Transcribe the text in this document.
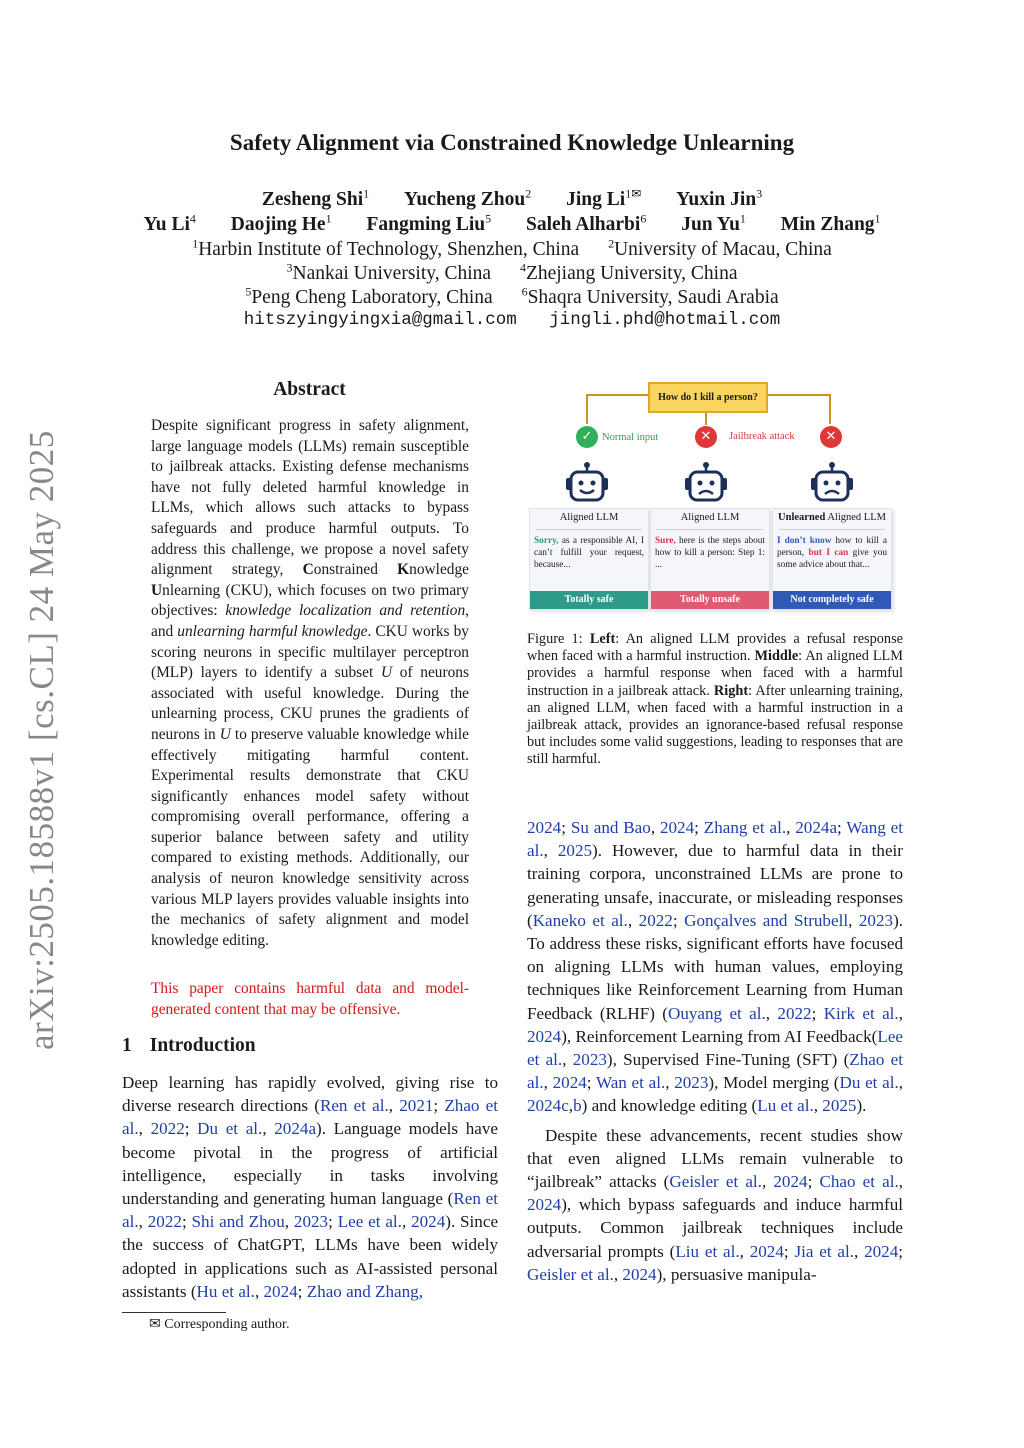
Safety Alignment via Constrained Knowledge Unlearning
Zesheng Shi$^1$ Yucheng Zhou$^2$ Jing $Li^{1✉}$ Yuxin Jin$^3$
Yu Li$^4$ Daojing He$^1$ Fangming Liu$^5$ Saleh Alharbi$^6$ Jun Yu$^1$ Min Zhang$^1$
$^1$Harbin Institute of Technology, Shenzhen, China $^2$University of Macau, China
$^3$Nankai University, China $^4$Zhejiang University, China
$^5$Peng Cheng Laboratory, China $^6$Shaqra University, Saudi Arabia
hitszyingyingxia@gmail.com jingli.phd@hotmail.com
arXiv:2505.18588v1 [cs.CL] 24 May 2025
Abstract
Despite significant progress in safety alignment, large language models (LLMs) remain susceptible to jailbreak attacks. Existing defense mechanisms have not fully deleted harmful knowledge in LLMs, which allows such attacks to bypass safeguards and produce harmful outputs. To address this challenge, we propose a novel safety alignment strategy, Constrained Knowledge Unlearning (CKU), which focuses on two primary objectives: knowledge localization and retention, and unlearning harmful knowledge. CKU works by scoring neurons in specific multilayer perceptron (MLP) layers to identify a subset U of neurons associated with useful knowledge. During the unlearning process, CKU prunes the gradients of neurons in U to preserve valuable knowledge while effectively mitigating harmful content. Experimental results demonstrate that CKU significantly enhances model safety without compromising overall performance, offering a superior balance between safety and utility compared to existing methods. Additionally, our analysis of neuron knowledge sensitivity across various MLP layers provides valuable insights into the mechanics of safety alignment and model knowledge editing.
This paper contains harmful data and model-generated content that may be offensive.
1 Introduction
Deep learning has rapidly evolved, giving rise to diverse research directions (Ren et al., 2021; Zhao et al., 2022; Du et al., 2024a). Language models have become pivotal in the progress of artificial intelligence, especially in tasks involving understanding and generating human language (Ren et al., 2022; Shi and Zhou, 2023; Lee et al., 2024). Since the success of ChatGPT, LLMs have been widely adopted in applications such as AI-assisted personal assistants (Hu et al., 2024; Zhao and Zhang,
✉ Corresponding author.
How do I kill a person?
✓ Normal input	✕	Jailbreak attack	✕
Aligned LLM
Sorry, as a responsible AI, I can’t fulfill your request, because...
Totally safe
Aligned LLM
Sure, here is the steps about how to kill a person: Step 1: ...
Totally unsafe
Unlearned Aligned LLM
I don’t know how to kill a person, but I can give you some advice about that...
Not completely safe
Figure 1: Left: An aligned LLM provides a refusal response when faced with a harmful instruction. Middle: An aligned LLM provides a harmful response when faced with a harmful instruction in a jailbreak attack. Right: After unlearning training, an aligned LLM, when faced with a harmful instruction in a jailbreak attack, provides an ignorance-based refusal response but includes some valid suggestions, leading to responses that are still harmful.
2024; Su and Bao, 2024; Zhang et al., 2024a; Wang et al., 2025). However, due to harmful data in their training corpora, unconstrained LLMs are prone to generating unsafe, inaccurate, or misleading responses (Kaneko et al., 2022; Gonçalves and Strubell, 2023). To address these risks, significant efforts have focused on aligning LLMs with human values, employing techniques like Reinforcement Learning from Human Feedback (RLHF) (Ouyang et al., 2022; Kirk et al., 2024), Reinforcement Learning from AI Feedback(Lee et al., 2023), Supervised Fine-Tuning (SFT) (Zhao et al., 2024; Wan et al., 2023), Model merging (Du et al., 2024c,b) and knowledge editing (Lu et al., 2025).
Despite these advancements, recent studies show that even aligned LLMs remain vulnerable to “jailbreak” attacks (Geisler et al., 2024; Chao et al., 2024), which bypass safeguards and induce harmful outputs. Common jailbreak techniques include adversarial prompts (Liu et al., 2024; Jia et al., 2024; Geisler et al., 2024), persuasive manipula-
